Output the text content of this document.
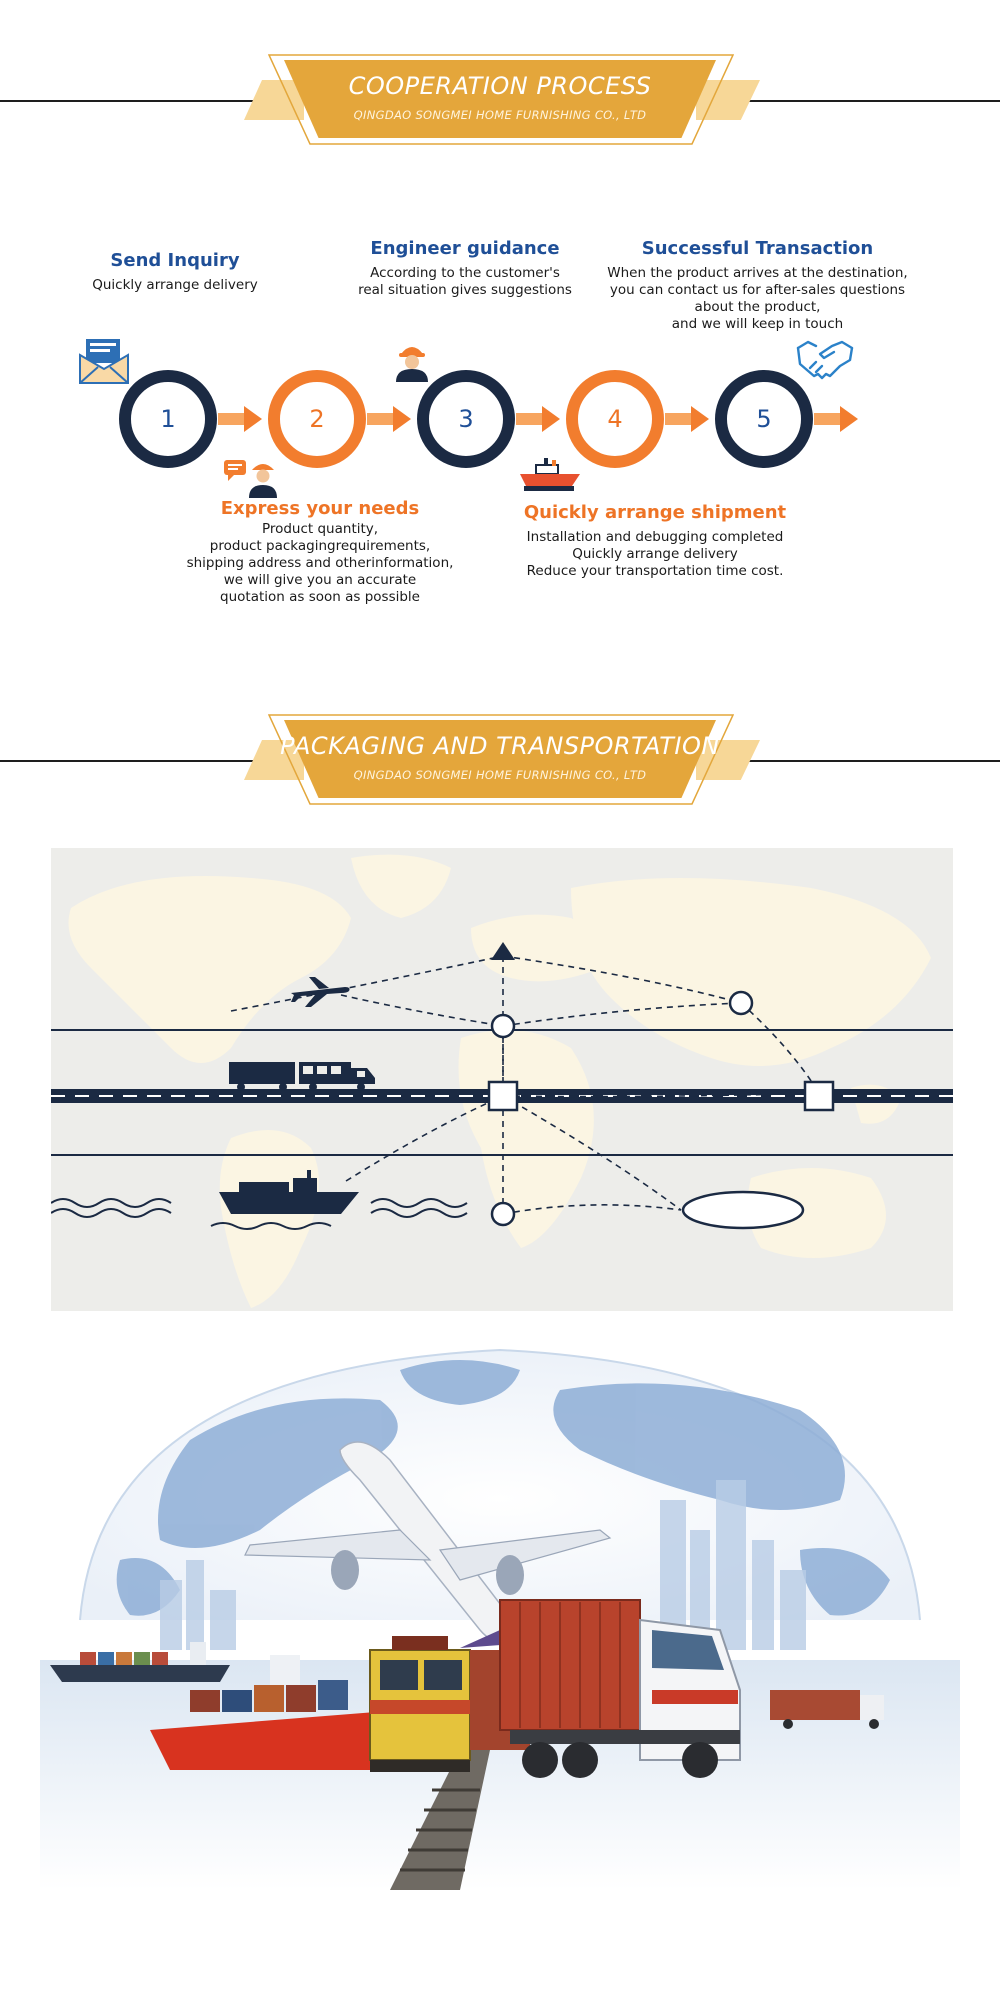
COOPERATION PROCESS
QINGDAO SONGMEI HOME FURNISHING CO., LTD
Send Inquiry
Quickly arrange delivery
Engineer guidance
According to the customer's
real situation gives suggestions
Successful Transaction
When the product arrives at the destination,
you can contact us for after-sales questions
about the product,
and we will keep in touch
1	2	3	4	5
Express your needs
Product quantity,
product packagingrequirements,
shipping address and otherinformation,
we will give you an accurate
quotation as soon as possible
Quickly arrange shipment
Installation and debugging completed
Quickly arrange delivery
Reduce your transportation time cost.
PACKAGING AND TRANSPORTATION
QINGDAO SONGMEI HOME FURNISHING CO., LTD
